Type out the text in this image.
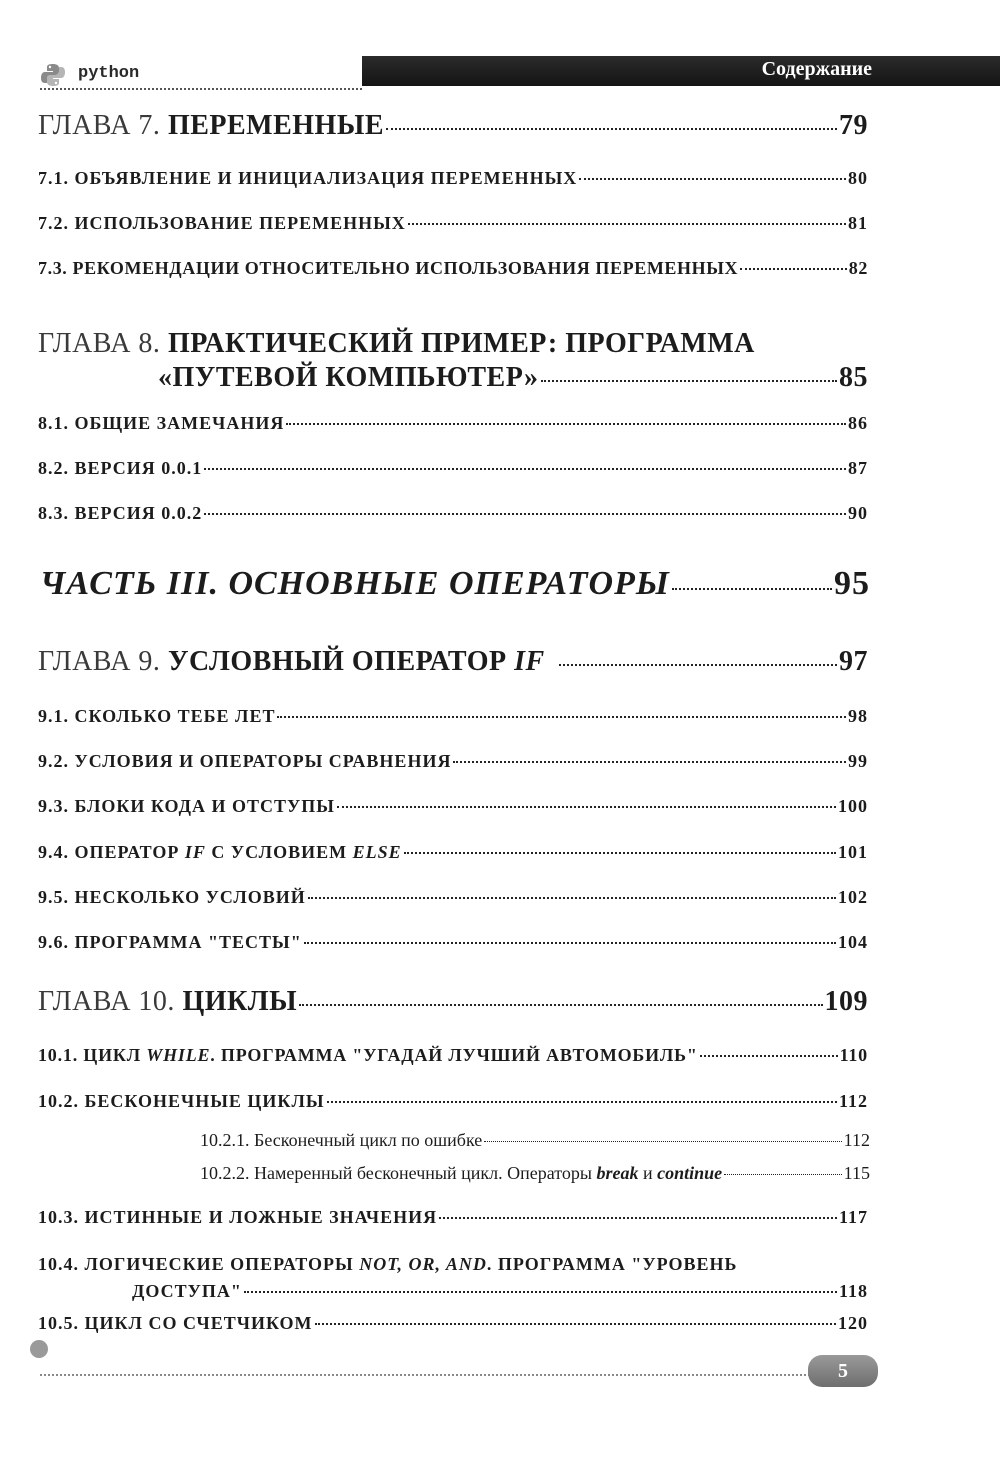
python	Содержание
ГЛАВА 7. ПЕРЕМЕННЫЕ	79
7.1. ОБЪЯВЛЕНИЕ И ИНИЦИАЛИЗАЦИЯ ПЕРЕМЕННЫХ	80
7.2. ИСПОЛЬЗОВАНИЕ ПЕРЕМЕННЫХ	81
7.3. РЕКОМЕНДАЦИИ ОТНОСИТЕЛЬНО ИСПОЛЬЗОВАНИЯ ПЕРЕМЕННЫХ	82
ГЛАВА 8. ПРАКТИЧЕСКИЙ ПРИМЕР: ПРОГРАММА
«ПУТЕВОЙ КОМПЬЮТЕР»	85
8.1. ОБЩИЕ ЗАМЕЧАНИЯ	86
8.2. ВЕРСИЯ 0.0.1	87
8.3. ВЕРСИЯ 0.0.2	90
ЧАСТЬ III. ОСНОВНЫЕ ОПЕРАТОРЫ	95
ГЛАВА 9. УСЛОВНЫЙ ОПЕРАТОР IF	97
9.1. СКОЛЬКО ТЕБЕ ЛЕТ	98
9.2. УСЛОВИЯ И ОПЕРАТОРЫ СРАВНЕНИЯ	99
9.3. БЛОКИ КОДА И ОТСТУПЫ	100
9.4. ОПЕРАТОР IF С УСЛОВИЕМ ELSE	101
9.5. НЕСКОЛЬКО УСЛОВИЙ	102
9.6. ПРОГРАММА "ТЕСТЫ"	104
ГЛАВА 10. ЦИКЛЫ	109
10.1. ЦИКЛ WHILE. ПРОГРАММА "УГАДАЙ ЛУЧШИЙ АВТОМОБИЛЬ"	110
10.2. БЕСКОНЕЧНЫЕ ЦИКЛЫ	112
10.2.1. Бесконечный цикл по ошибке	112
10.2.2. Намеренный бесконечный цикл. Операторы break и continue	115
10.3. ИСТИННЫЕ И ЛОЖНЫЕ ЗНАЧЕНИЯ	117
10.4. ЛОГИЧЕСКИЕ ОПЕРАТОРЫ NOT, OR, AND. ПРОГРАММА "УРОВЕНЬ
ДОСТУПА"	118
10.5. ЦИКЛ СО СЧЕТЧИКОМ	120
5
